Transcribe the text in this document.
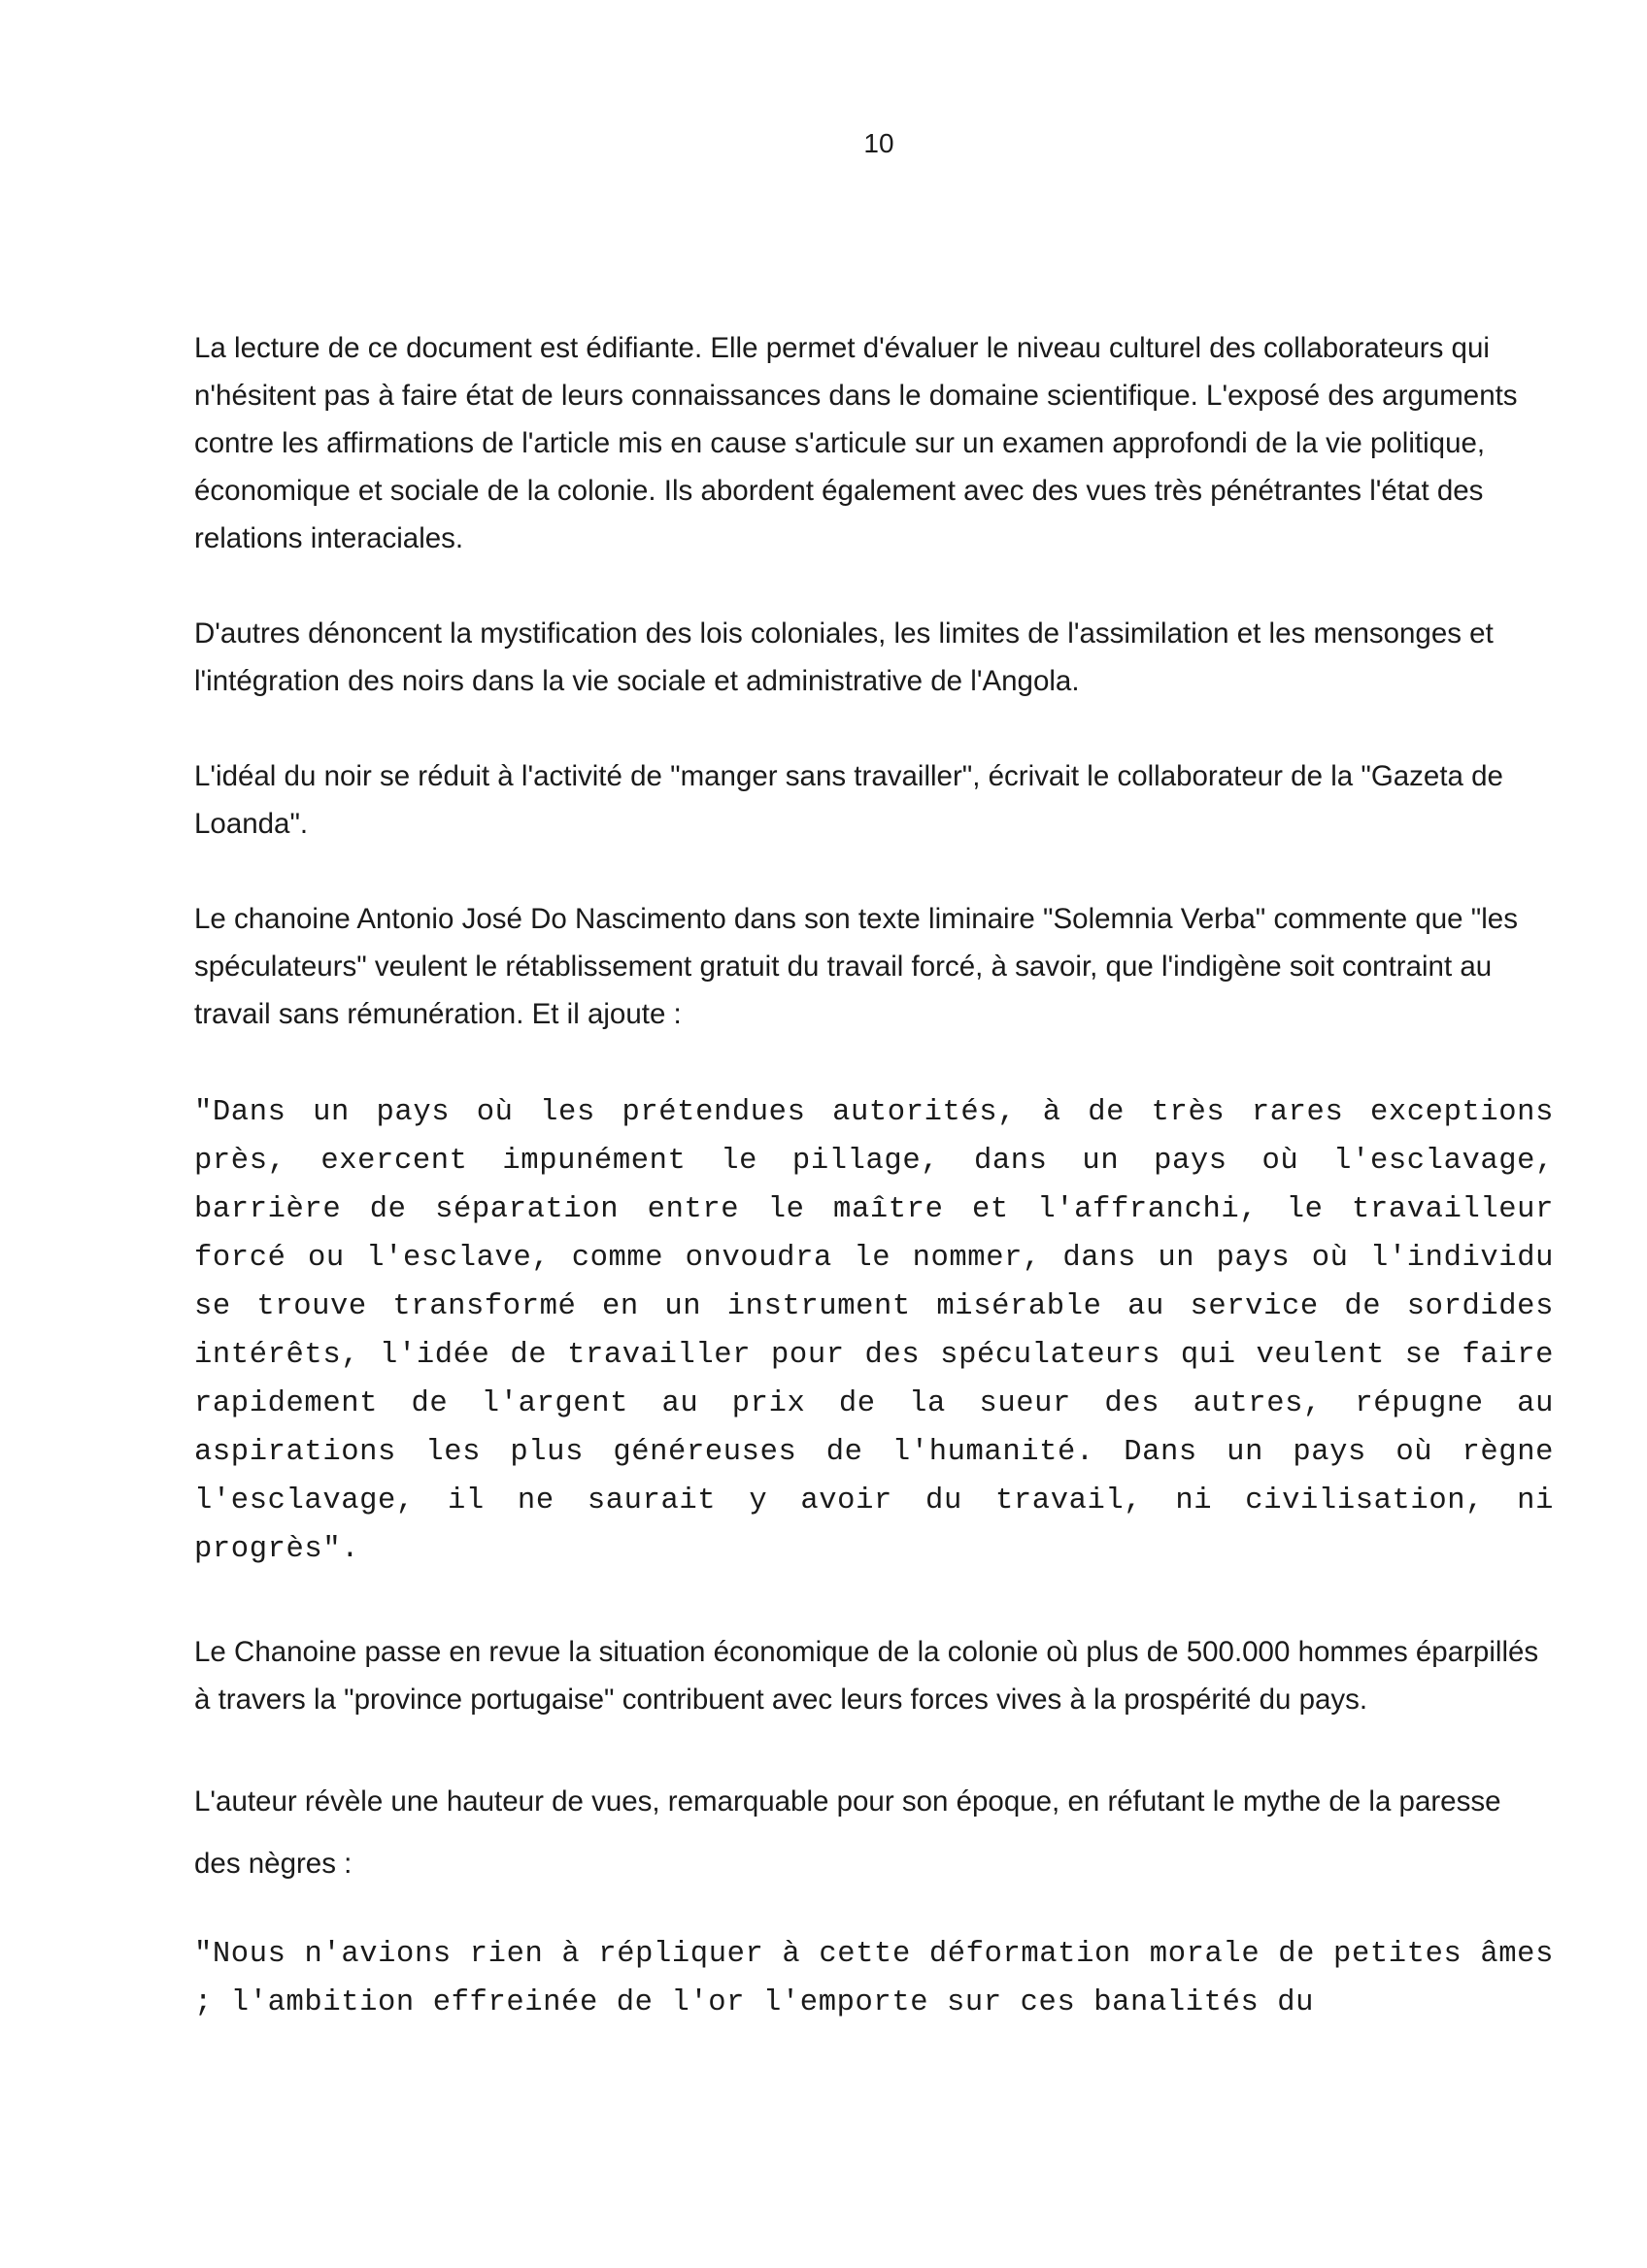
10

La lecture de ce document est édifiante. Elle permet d'évaluer le niveau culturel des collaborateurs qui n'hésitent pas à faire état de leurs connaissances dans le domaine scientifique. L'exposé des arguments contre les affirmations de l'article mis en cause s'articule sur un examen approfondi de la vie politique, économique et sociale de la colonie. Ils abordent également avec des vues très pénétrantes l'état des relations interaciales.

D'autres dénoncent la mystification des lois coloniales, les limites de l'assimilation et les mensonges et l'intégration des noirs dans la vie sociale et administrative de l'Angola.

L'idéal du noir se réduit à l'activité de "manger sans travailler", écrivait le collaborateur de la "Gazeta de Loanda".

Le chanoine Antonio José Do Nascimento dans son texte liminaire "Solemnia Verba" commente que "les spéculateurs" veulent le rétablissement gratuit du travail forcé, à savoir, que l'indigène soit contraint au travail sans rémunération. Et il ajoute :

"Dans un pays où les prétendues autorités, à de très rares exceptions près, exercent impunément le pillage, dans un pays où l'esclavage, barrière de séparation entre le maître et l'affranchi, le travailleur forcé ou l'esclave, comme onvoudra le nommer, dans un pays où l'individu se trouve transformé en un instrument misérable au service de sordides intérêts, l'idée de travailler pour des spéculateurs qui veulent se faire rapidement de l'argent au prix de la sueur des autres, répugne au aspirations les plus généreuses de l'humanité. Dans un pays où règne l'esclavage, il ne saurait y avoir du travail, ni civilisation, ni progrès".

Le Chanoine passe en revue la situation économique de la colonie où plus de 500.000 hommes éparpillés à travers la "province portugaise" contribuent avec leurs forces vives à la prospérité du pays.

L'auteur révèle une hauteur de vues, remarquable pour son époque, en réfutant le mythe de la paresse des nègres :

"Nous n'avions rien à répliquer à cette déformation morale de petites âmes ; l'ambition effreinée de l'or l'emporte sur ces banalités du
